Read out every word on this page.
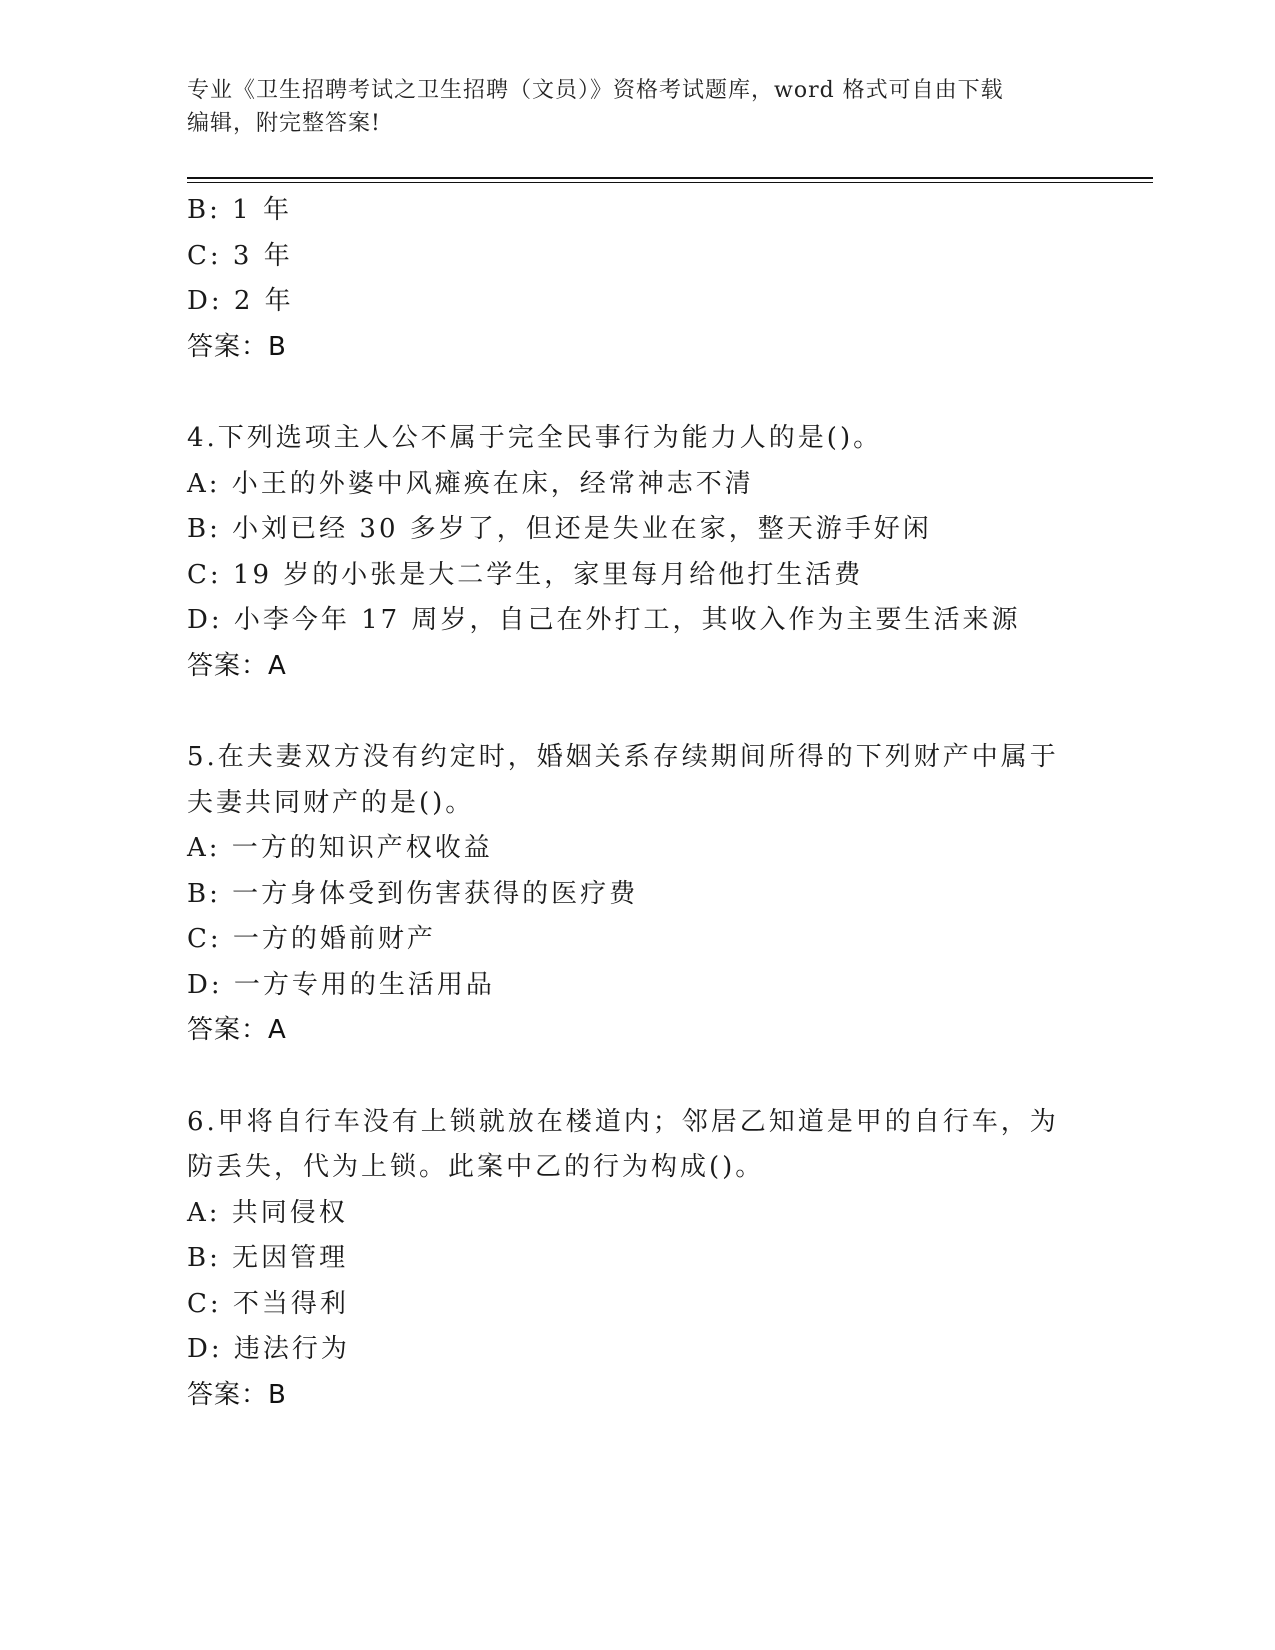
专业《卫生招聘考试之卫生招聘（文员）》资格考试题库，word 格式可自由下载
编辑，附完整答案!
B: 1 年
C: 3 年
D: 2 年
答案：B
4.下列选项主人公不属于完全民事行为能力人的是()。
A: 小王的外婆中风瘫痪在床，经常神志不清
B: 小刘已经 30 多岁了，但还是失业在家，整天游手好闲
C: 19 岁的小张是大二学生，家里每月给他打生活费
D: 小李今年 17 周岁，自己在外打工，其收入作为主要生活来源
答案：A
5.在夫妻双方没有约定时，婚姻关系存续期间所得的下列财产中属于
夫妻共同财产的是()。
A: 一方的知识产权收益
B: 一方身体受到伤害获得的医疗费
C: 一方的婚前财产
D: 一方专用的生活用品
答案：A
6.甲将自行车没有上锁就放在楼道内；邻居乙知道是甲的自行车，为
防丢失，代为上锁。此案中乙的行为构成()。
A: 共同侵权
B: 无因管理
C: 不当得利
D: 违法行为
答案：B
